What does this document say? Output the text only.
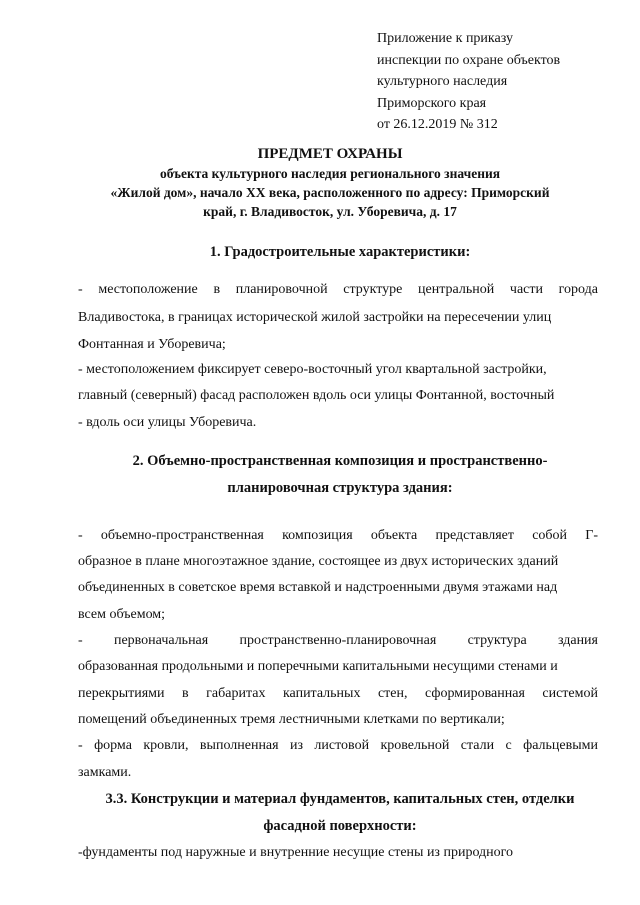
Приложение к приказу
инспекции по охране объектов
культурного наследия
Приморского края
от 26.12.2019 № 312
ПРЕДМЕТ ОХРАНЫ
объекта культурного наследия регионального значения
«Жилой дом», начало XX века, расположенного по адресу: Приморский
край, г. Владивосток, ул. Уборевича, д. 17
1. Градостроительные характеристики:
- местоположение в планировочной структуре центральной части города
Владивостока, в границах исторической жилой застройки на пересечении улиц
Фонтанная и Уборевича;
- местоположением фиксирует северо-восточный угол квартальной застройки,
главный (северный) фасад расположен вдоль оси улицы Фонтанной, восточный
- вдоль оси улицы Уборевича.
2. Объемно-пространственная композиция и пространственно-
планировочная структура здания:
- объемно-пространственная композиция объекта представляет собой Г-
образное в плане многоэтажное здание, состоящее из двух исторических зданий
объединенных в советское время вставкой и надстроенными двумя этажами над
всем объемом;
- первоначальная пространственно-планировочная структура здания
образованная продольными и поперечными капитальными несущими стенами и
перекрытиями в габаритах капитальных стен, сформированная системой
помещений объединенных тремя лестничными клетками по вертикали;
- форма кровли, выполненная из листовой кровельной стали с фальцевыми
замками.
3.3. Конструкции и материал фундаментов, капитальных стен, отделки
фасадной поверхности:
-фундаменты под наружные и внутренние несущие стены из природного
